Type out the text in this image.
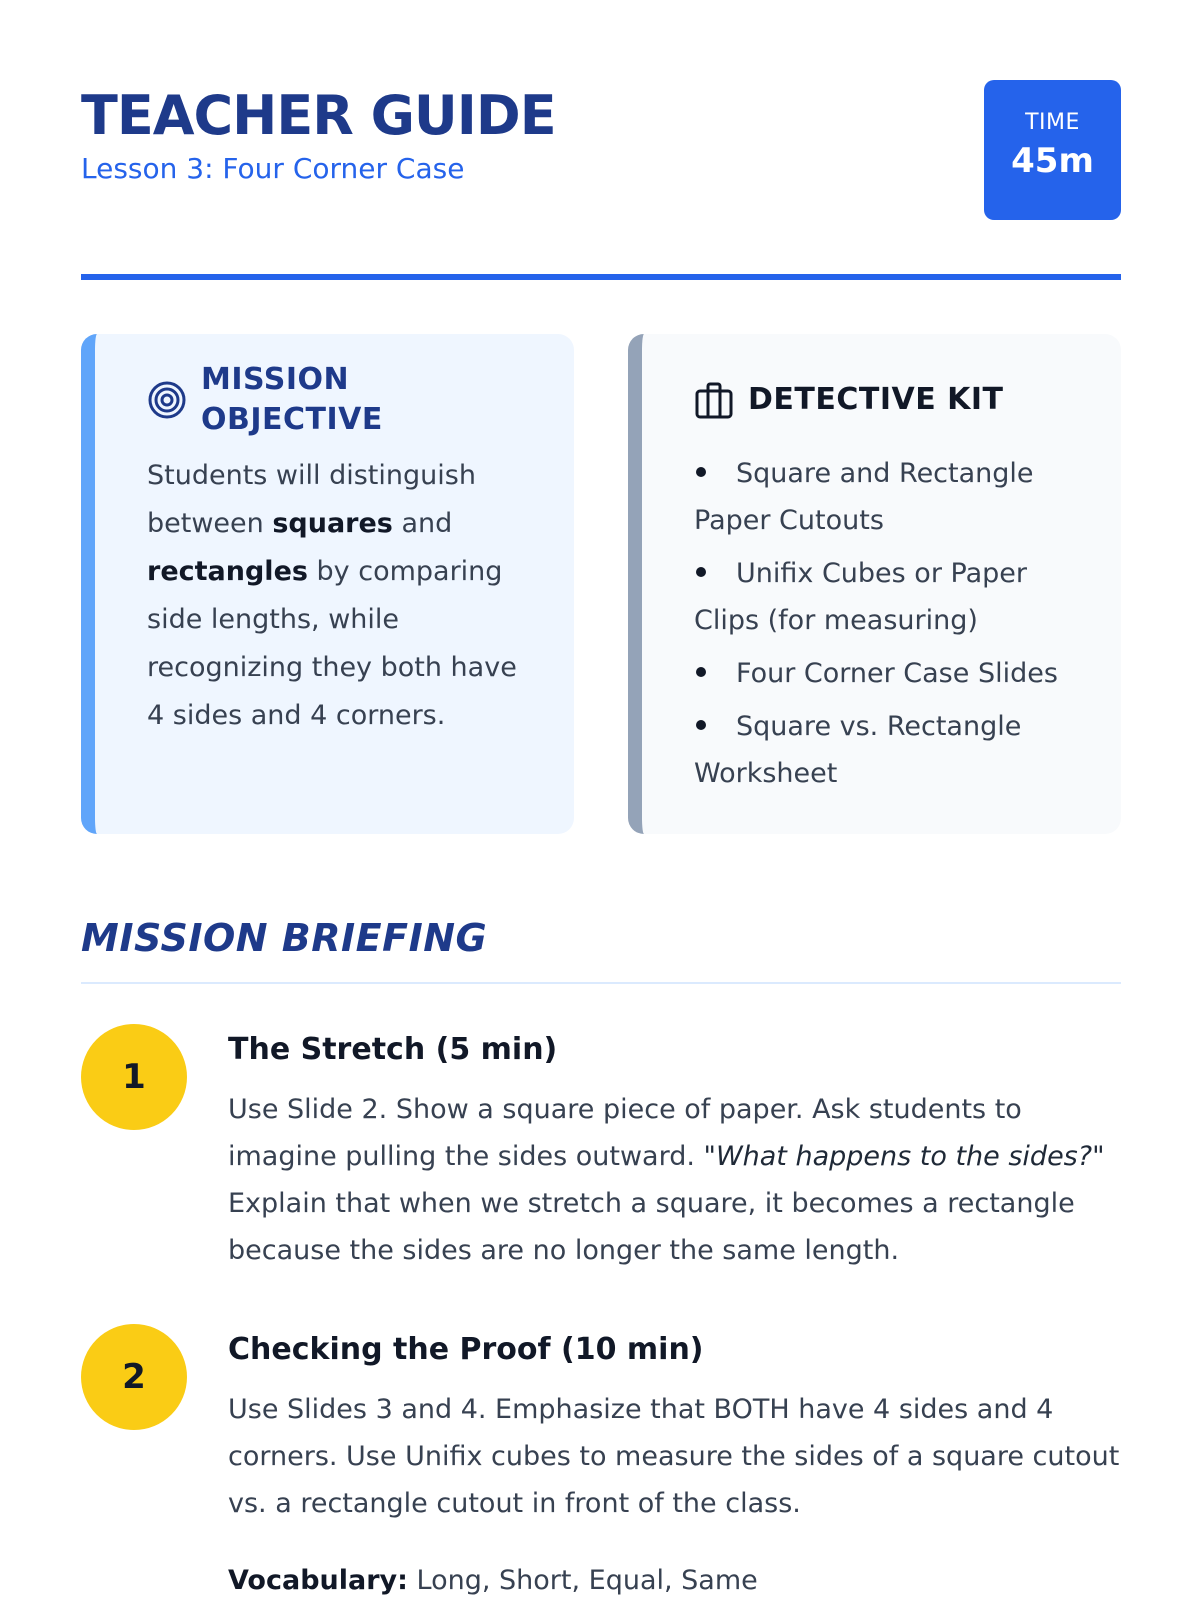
TEACHER GUIDE
Lesson 3: Four Corner Case
TIME
45m
MISSION OBJECTIVE

Students will distinguish between squares and rectangles by comparing side lengths, while recognizing they both have 4 sides and 4 corners.

DETECTIVE KIT
Square and Rectangle Paper Cutouts
Unifix Cubes or Paper Clips (for measuring)
Four Corner Case Slides
Square vs. Rectangle Worksheet
MISSION BRIEFING
1
The Stretch (5 min)

Use Slide 2. Show a square piece of paper. Ask students to imagine pulling the sides outward. "What happens to the sides?" Explain that when we stretch a square, it becomes a rectangle because the sides are no longer the same length.

2
Checking the Proof (10 min)

Use Slides 3 and 4. Emphasize that BOTH have 4 sides and 4 corners. Use Unifix cubes to measure the sides of a square cutout vs. a rectangle cutout in front of the class.

Vocabulary: Long, Short, Equal, Same
